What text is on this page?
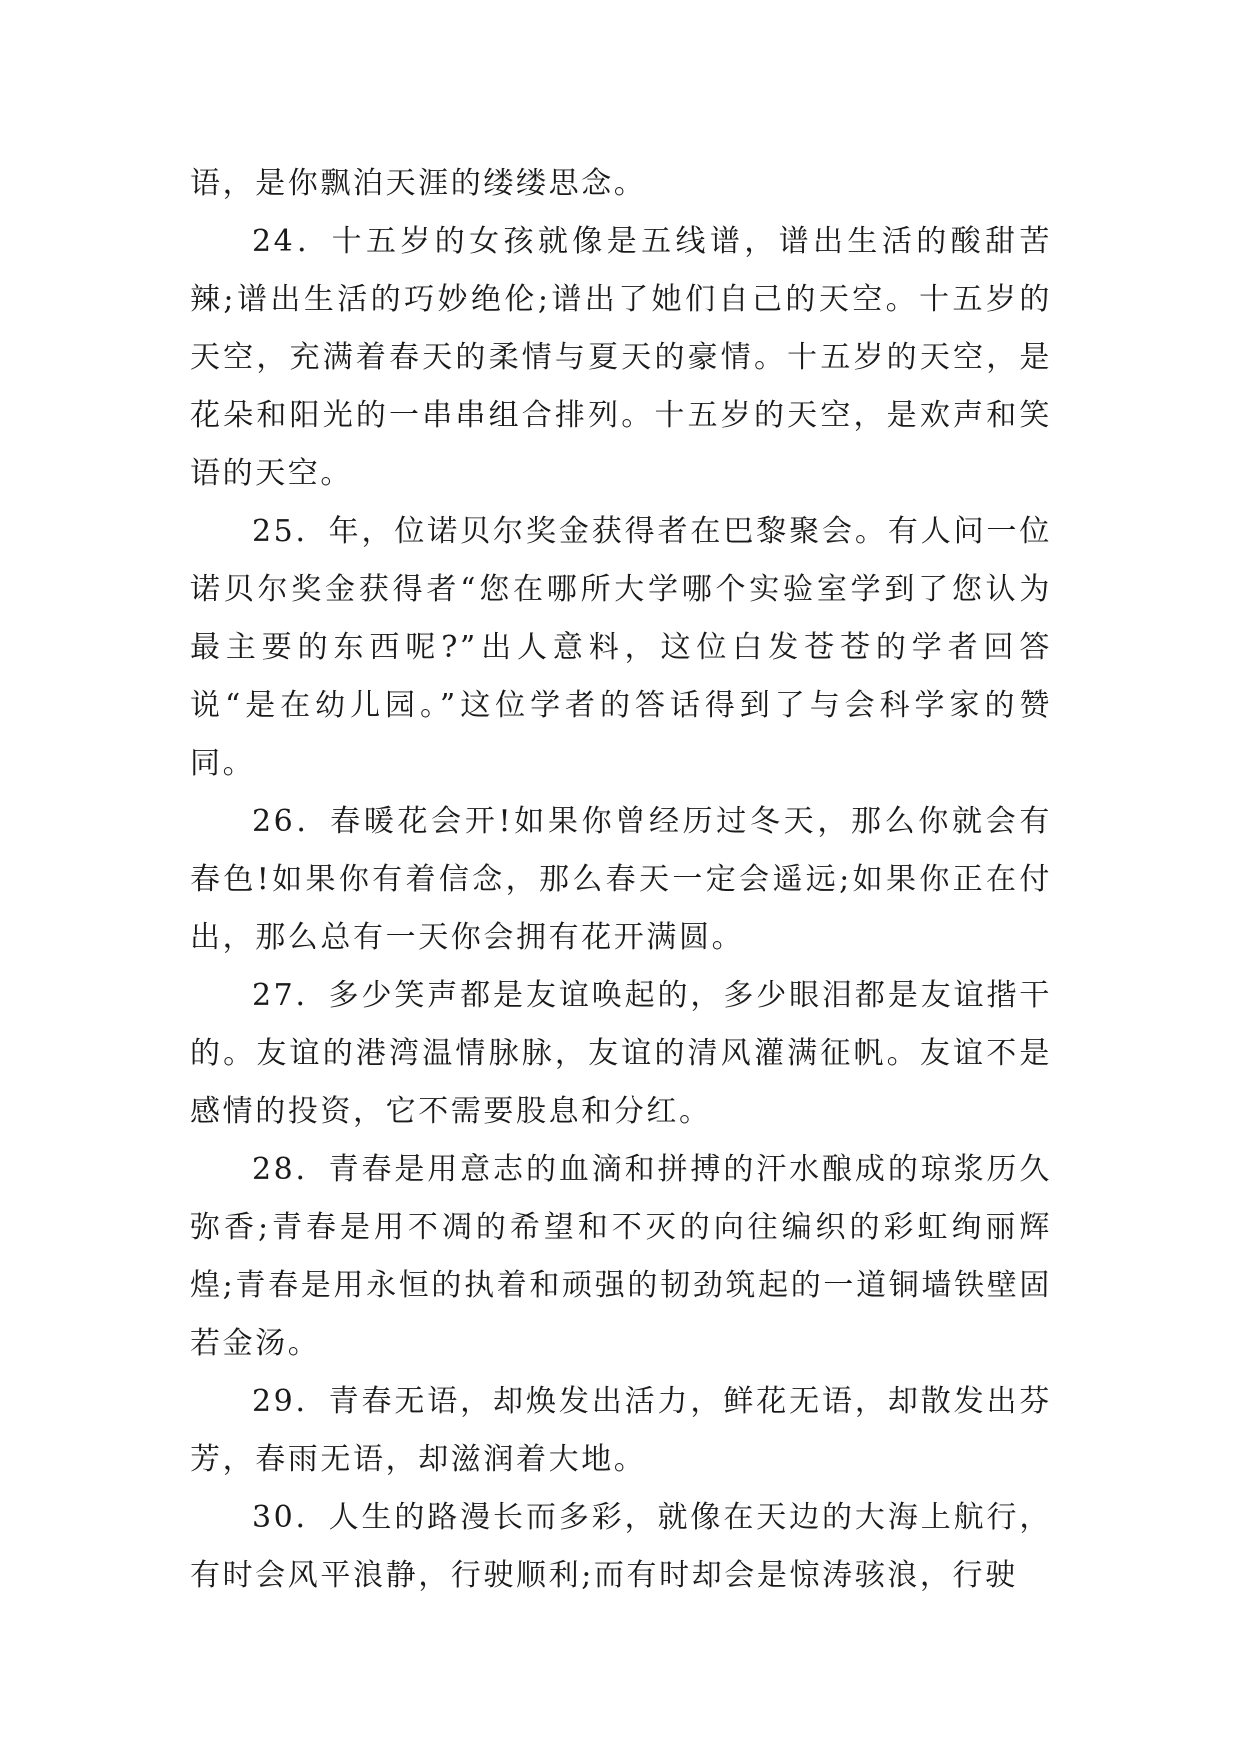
语，是你飘泊天涯的缕缕思念。

24．十五岁的女孩就像是五线谱，谱出生活的酸甜苦辣;谱出生活的巧妙绝伦;谱出了她们自己的天空。十五岁的天空，充满着春天的柔情与夏天的豪情。十五岁的天空，是花朵和阳光的一串串组合排列。十五岁的天空，是欢声和笑语的天空。

25．年，位诺贝尔奖金获得者在巴黎聚会。有人问一位诺贝尔奖金获得者“您在哪所大学哪个实验室学到了您认为最主要的东西呢?”出人意料，这位白发苍苍的学者回答说“是在幼儿园。”这位学者的答话得到了与会科学家的赞同。

26．春暖花会开!如果你曾经历过冬天，那么你就会有春色!如果你有着信念，那么春天一定会遥远;如果你正在付出，那么总有一天你会拥有花开满圆。

27．多少笑声都是友谊唤起的，多少眼泪都是友谊揩干的。友谊的港湾温情脉脉，友谊的清风灌满征帆。友谊不是感情的投资，它不需要股息和分红。

28．青春是用意志的血滴和拼搏的汗水酿成的琼浆历久弥香;青春是用不凋的希望和不灭的向往编织的彩虹绚丽辉煌;青春是用永恒的执着和顽强的韧劲筑起的一道铜墙铁壁固若金汤。

29．青春无语，却焕发出活力，鲜花无语，却散发出芬芳，春雨无语，却滋润着大地。

30．人生的路漫长而多彩，就像在天边的大海上航行，有时会风平浪静，行驶顺利;而有时却会是惊涛骇浪，行驶
